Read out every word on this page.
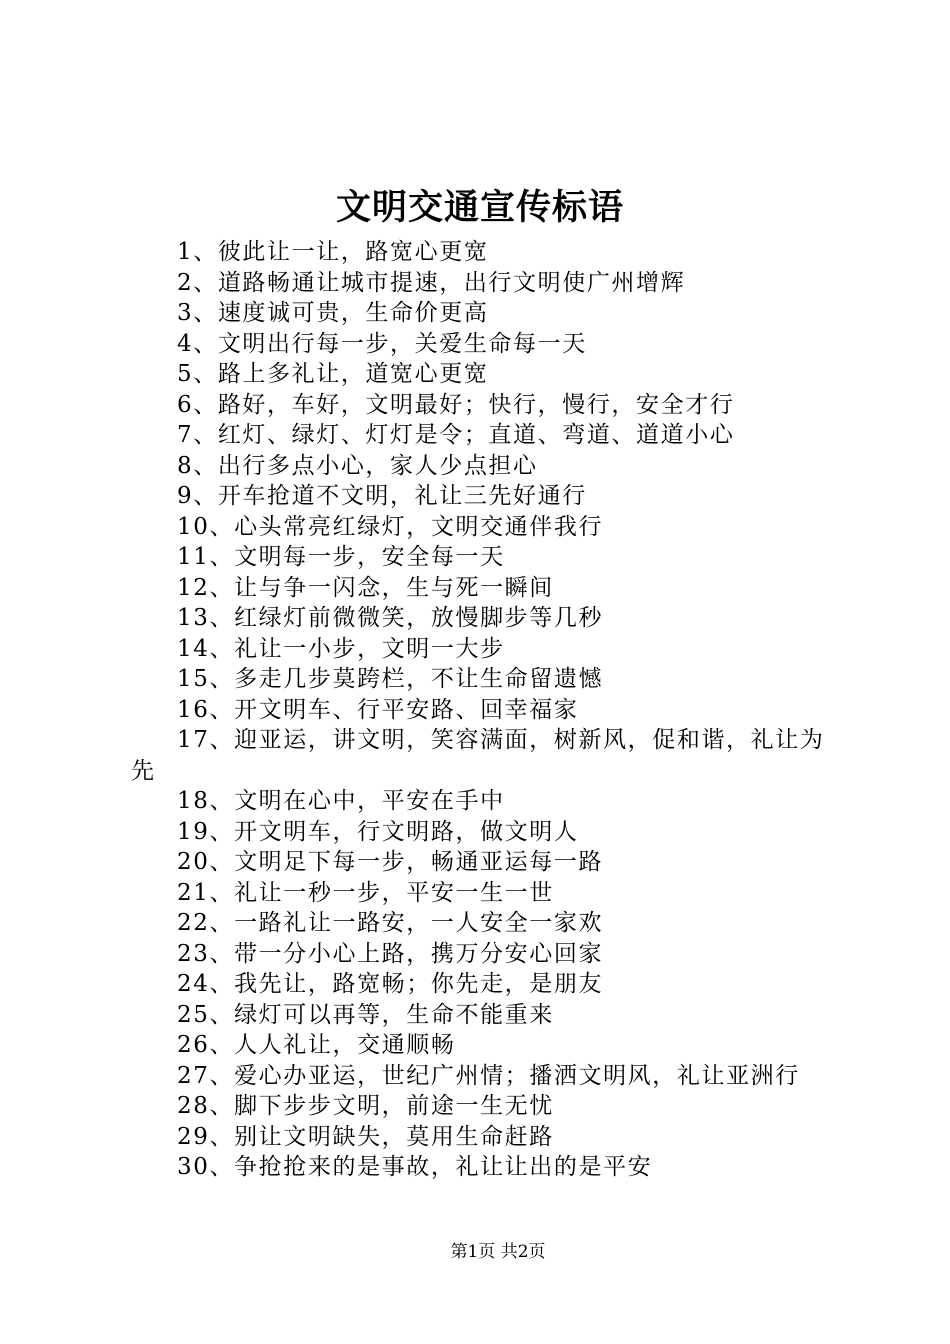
文明交通宣传标语
1、彼此让一让，路宽心更宽
2、道路畅通让城市提速，出行文明使广州增辉
3、速度诚可贵，生命价更高
4、文明出行每一步，关爱生命每一天
5、路上多礼让，道宽心更宽
6、路好，车好，文明最好；快行，慢行，安全才行
7、红灯、绿灯、灯灯是令；直道、弯道、道道小心
8、出行多点小心，家人少点担心
9、开车抢道不文明，礼让三先好通行
10、心头常亮红绿灯，文明交通伴我行
11、文明每一步，安全每一天
12、让与争一闪念，生与死一瞬间
13、红绿灯前微微笑，放慢脚步等几秒
14、礼让一小步，文明一大步
15、多走几步莫跨栏，不让生命留遗憾
16、开文明车、行平安路、回幸福家
17、迎亚运，讲文明，笑容满面，树新风，促和谐，礼让为先
18、文明在心中，平安在手中
19、开文明车，行文明路，做文明人
20、文明足下每一步，畅通亚运每一路
21、礼让一秒一步，平安一生一世
22、一路礼让一路安，一人安全一家欢
23、带一分小心上路，携万分安心回家
24、我先让，路宽畅；你先走，是朋友
25、绿灯可以再等，生命不能重来
26、人人礼让，交通顺畅
27、爱心办亚运，世纪广州情；播洒文明风，礼让亚洲行
28、脚下步步文明，前途一生无忧
29、别让文明缺失，莫用生命赶路
30、争抢抢来的是事故，礼让让出的是平安
第1页 共2页
